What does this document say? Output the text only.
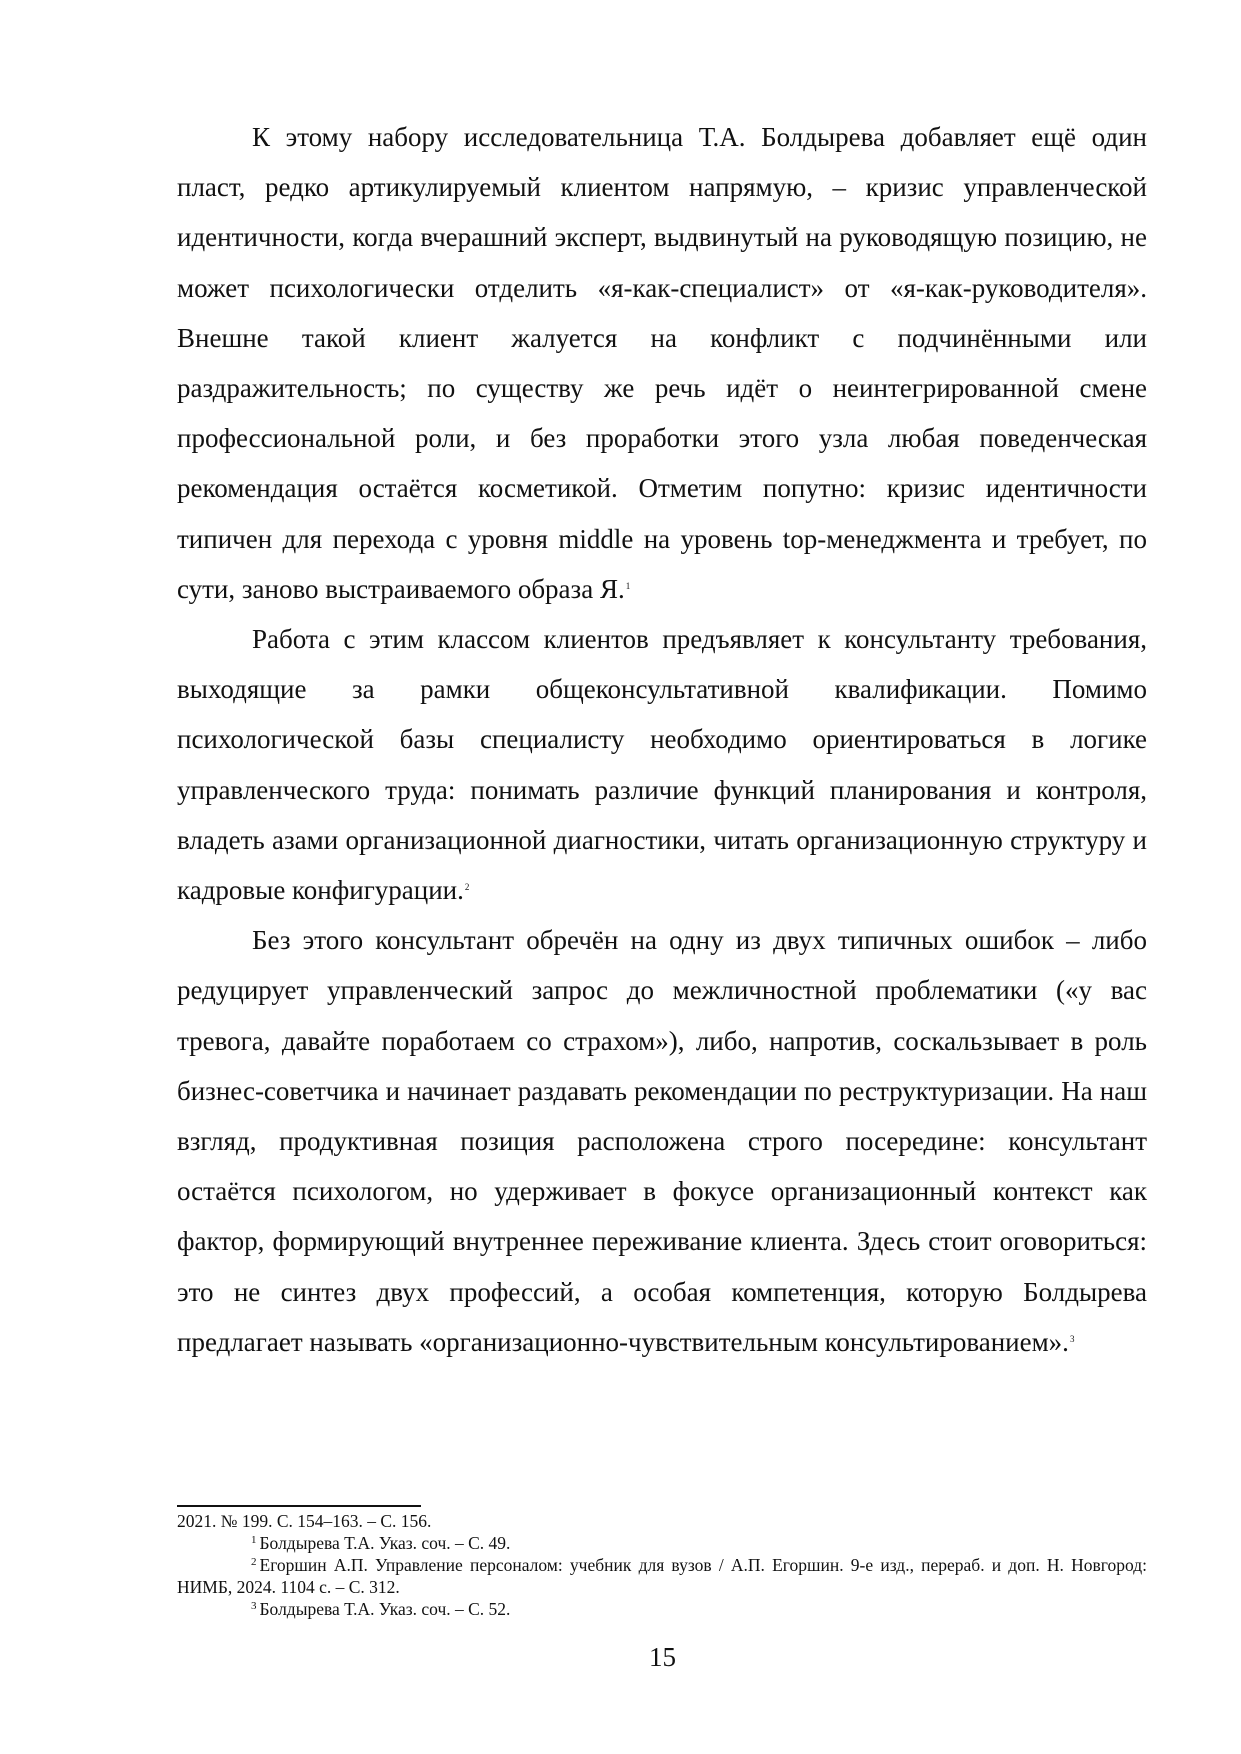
К этому набору исследовательница Т.А. Болдырева добавляет ещё один пласт, редко артикулируемый клиентом напрямую, – кризис управленческой идентичности, когда вчерашний эксперт, выдвинутый на руководящую позицию, не может психологически отделить «я-как-специалист» от «я-как-руководителя». Внешне такой клиент жалуется на конфликт с подчинёнными или раздражительность; по существу же речь идёт о неинтегрированной смене профессиональной роли, и без проработки этого узла любая поведенческая рекомендация остаётся косметикой. Отметим попутно: кризис идентичности типичен для перехода с уровня middle на уровень top-менеджмента и требует, по сути, заново выстраиваемого образа Я.$^1$

Работа с этим классом клиентов предъявляет к консультанту требования, выходящие за рамки общеконсультативной квалификации. Помимо психологической базы специалисту необходимо ориентироваться в логике управленческого труда: понимать различие функций планирования и контроля, владеть азами организационной диагностики, читать организационную структуру и кадровые конфигурации.$^2$

Без этого консультант обречён на одну из двух типичных ошибок – либо редуцирует управленческий запрос до межличностной проблематики («у вас тревога, давайте поработаем со страхом»), либо, напротив, соскальзывает в роль бизнес-советчика и начинает раздавать рекомендации по реструктуризации. На наш взгляд, продуктивная позиция расположена строго посередине: консультант остаётся психологом, но удерживает в фокусе организационный контекст как фактор, формирующий внутреннее переживание клиента. Здесь стоит оговориться: это не синтез двух профессий, а особая компетенция, которую Болдырева предлагает называть «организационно-чувствительным консультированием».$^3$

2021. № 199. С. 154–163. – С. 156.

$^1$ Болдырева Т.А. Указ. соч. – С. 49.

$^2$ Егоршин А.П. Управление персоналом: учебник для вузов / А.П. Егоршин. 9-е изд., перераб. и доп. Н. Новгород: НИМБ, 2024. 1104 с. – С. 312.

$^3$ Болдырева Т.А. Указ. соч. – С. 52.

15
